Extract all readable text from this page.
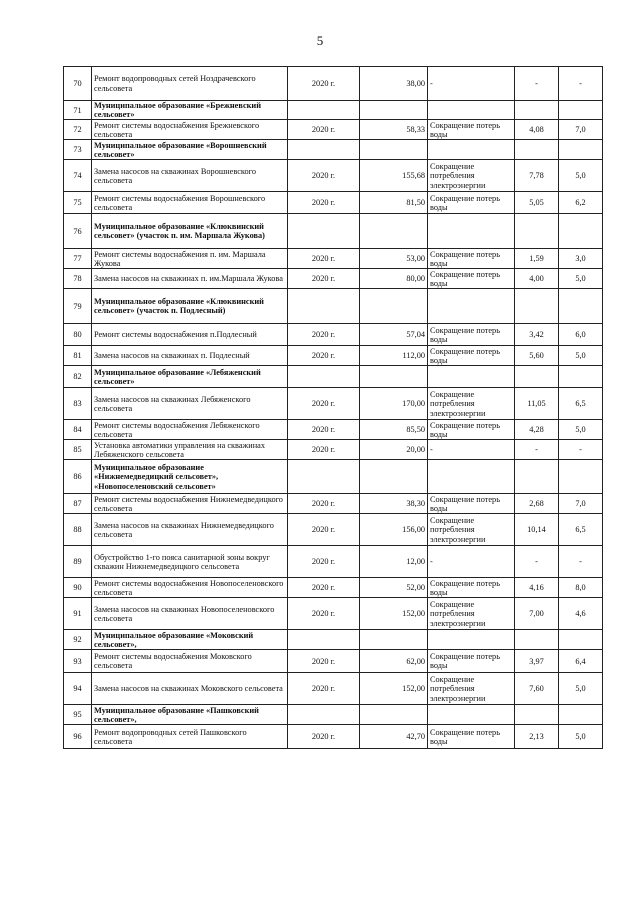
5
70	Ремонт водопроводных сетей Ноздрачевского сельсовета	2020 г.	38,00	-	-	-
71	Муниципальное образование «Брежневский сельсовет»					
72	Ремонт системы водоснабжения Брежневского сельсовета	2020 г.	58,33	Сокращение потерь воды	4,08	7,0
73	Муниципальное образование «Ворошневский сельсовет»					
74	Замена насосов на скважинах Ворошневского сельсовета	2020 г.	155,68	Сокращение потребления электроэнергии	7,78	5,0
75	Ремонт системы водоснабжения Ворошневского сельсовета	2020 г.	81,50	Сокращение потерь воды	5,05	6,2
76	Муниципальное образование «Клюквинский сельсовет» (участок п. им. Маршала Жукова)					
77	Ремонт системы водоснабжения п. им. Маршала Жукова	2020 г.	53,00	Сокращение потерь воды	1,59	3,0
78	Замена насосов на скважинах п. им.Маршала Жукова	2020 г.	80,00	Сокращение потерь воды	4,00	5,0
79	Муниципальное образование «Клюквинский сельсовет» (участок п. Подлесный)					
80	Ремонт системы водоснабжения п.Подлесный	2020 г.	57,04	Сокращение потерь воды	3,42	6,0
81	Замена насосов на скважинах п. Подлесный	2020 г.	112,00	Сокращение потерь воды	5,60	5,0
82	Муниципальное образование «Лебяженский сельсовет»					
83	Замена насосов на скважинах Лебяженского сельсовета	2020 г.	170,00	Сокращение потребления электроэнергии	11,05	6,5
84	Ремонт системы водоснабжения Лебяженского сельсовета	2020 г.	85,50	Сокращение потерь воды	4,28	5,0
85	Установка автоматики управления на скважинах Лебяженского сельсовета	2020 г.	20,00	-	-	-
86	Муниципальное образование «Нижнемедведицкий сельсовет», «Новопоселеновский сельсовет»					
87	Ремонт системы водоснабжения Нижнемедведицкого сельсовета	2020 г.	38,30	Сокращение потерь воды	2,68	7,0
88	Замена насосов на скважинах Нижнемедведицкого сельсовета	2020 г.	156,00	Сокращение потребления электроэнергии	10,14	6,5
89	Обустройство 1-го пояса санитарной зоны вокруг скважин Нижнемедведицкого сельсовета	2020 г.	12,00	-	-	-
90	Ремонт системы водоснабжения Новопоселеновского сельсовета	2020 г.	52,00	Сокращение потерь воды	4,16	8,0
91	Замена насосов на скважинах Новопоселеновского сельсовета	2020 г.	152,00	Сокращение потребления электроэнергии	7,00	4,6
92	Муниципальное образование «Моковский сельсовет»,					
93	Ремонт системы водоснабжения Моковского сельсовета	2020 г.	62,00	Сокращение потерь воды	3,97	6,4
94	Замена насосов на скважинах Моковского сельсовета	2020 г.	152,00	Сокращение потребления электроэнергии	7,60	5,0
95	Муниципальное образование «Пашковский сельсовет»,					
96	Ремонт водопроводных сетей Пашковского сельсовета	2020 г.	42,70	Сокращение потерь воды	2,13	5,0
